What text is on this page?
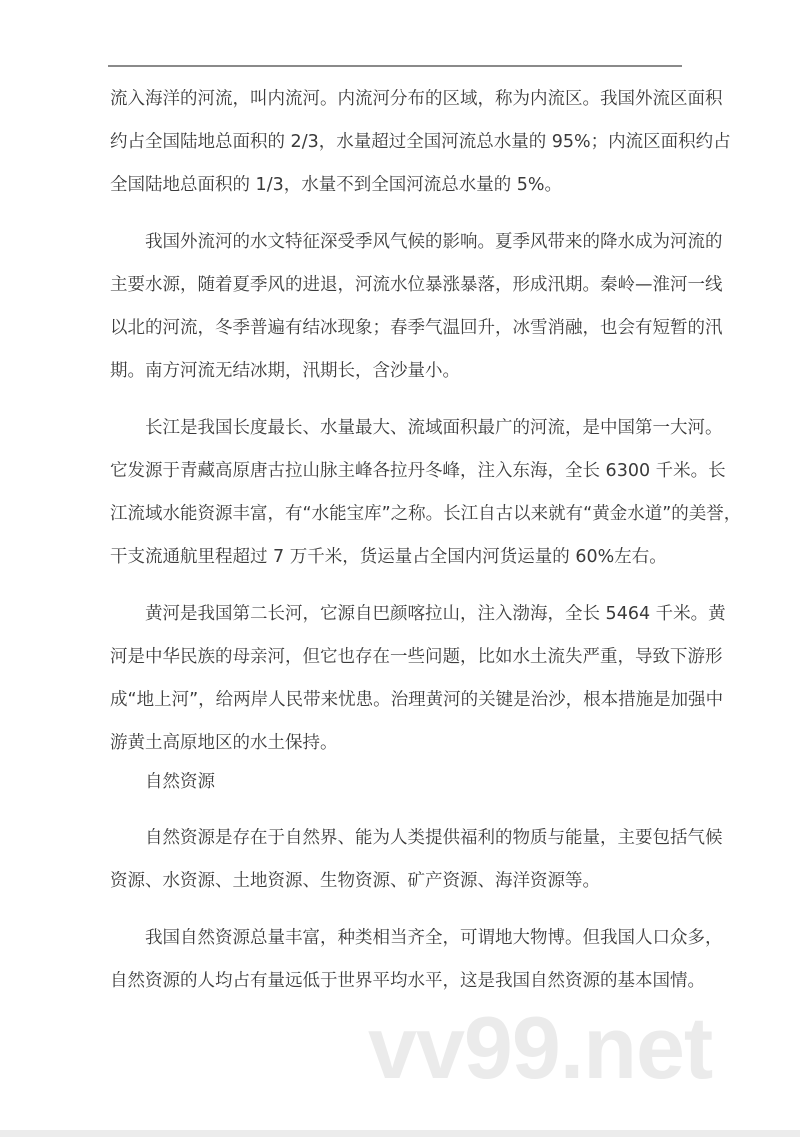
流入海洋的河流，叫内流河。内流河分布的区域，称为内流区。我国外流区面积
约占全国陆地总面积的 2/3，水量超过全国河流总水量的 95%；内流区面积约占
全国陆地总面积的 1/3，水量不到全国河流总水量的 5%。
我国外流河的水文特征深受季风气候的影响。夏季风带来的降水成为河流的
主要水源，随着夏季风的进退，河流水位暴涨暴落，形成汛期。秦岭—淮河一线
以北的河流，冬季普遍有结冰现象；春季气温回升，冰雪消融，也会有短暂的汛
期。南方河流无结冰期，汛期长，含沙量小。
长江是我国长度最长、水量最大、流域面积最广的河流，是中国第一大河。
它发源于青藏高原唐古拉山脉主峰各拉丹冬峰，注入东海，全长 6300 千米。长
江流域水能资源丰富，有“水能宝库”之称。长江自古以来就有“黄金水道”的美誉，
干支流通航里程超过 7 万千米，货运量占全国内河货运量的 60%左右。
黄河是我国第二长河，它源自巴颜喀拉山，注入渤海，全长 5464 千米。黄
河是中华民族的母亲河，但它也存在一些问题，比如水土流失严重，导致下游形
成“地上河”，给两岸人民带来忧患。治理黄河的关键是治沙，根本措施是加强中
游黄土高原地区的水土保持。
自然资源
自然资源是存在于自然界、能为人类提供福利的物质与能量，主要包括气候
资源、水资源、土地资源、生物资源、矿产资源、海洋资源等。
我国自然资源总量丰富，种类相当齐全，可谓地大物博。但我国人口众多，
自然资源的人均占有量远低于世界平均水平，这是我国自然资源的基本国情。
vv99.net
